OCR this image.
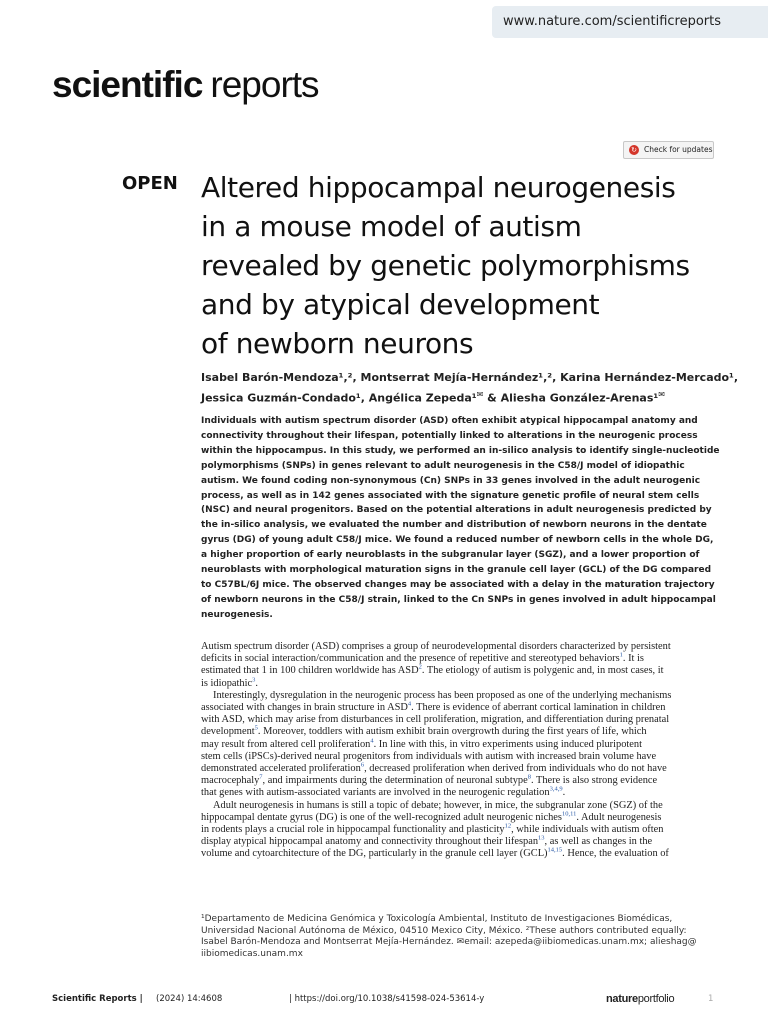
www.nature.com/scientificreports
scientific reports
↻ Check for updates
OPEN Altered hippocampal neurogenesis
in a mouse model of autism
revealed by genetic polymorphisms
and by atypical development
of newborn neurons
Isabel Barón-Mendoza¹,², Montserrat Mejía-Hernández¹,², Karina Hernández-Mercado¹,
Jessica Guzmán-Condado¹, Angélica Zepeda¹✉ & Aliesha González-Arenas¹✉
Individuals with autism spectrum disorder (ASD) often exhibit atypical hippocampal anatomy and
connectivity throughout their lifespan, potentially linked to alterations in the neurogenic process
within the hippocampus. In this study, we performed an in-silico analysis to identify single-nucleotide
polymorphisms (SNPs) in genes relevant to adult neurogenesis in the C58/J model of idiopathic
autism. We found coding non-synonymous (Cn) SNPs in 33 genes involved in the adult neurogenic
process, as well as in 142 genes associated with the signature genetic profile of neural stem cells
(NSC) and neural progenitors. Based on the potential alterations in adult neurogenesis predicted by
the in-silico analysis, we evaluated the number and distribution of newborn neurons in the dentate
gyrus (DG) of young adult C58/J mice. We found a reduced number of newborn cells in the whole DG,
a higher proportion of early neuroblasts in the subgranular layer (SGZ), and a lower proportion of
neuroblasts with morphological maturation signs in the granule cell layer (GCL) of the DG compared
to C57BL/6J mice. The observed changes may be associated with a delay in the maturation trajectory
of newborn neurons in the C58/J strain, linked to the Cn SNPs in genes involved in adult hippocampal
neurogenesis.
Autism spectrum disorder (ASD) comprises a group of neurodevelopmental disorders characterized by persistent
deficits in social interaction/communication and the presence of repetitive and stereotyped behaviors$^1$. It is
estimated that 1 in 100 children worldwide has ASD$^2$. The etiology of autism is polygenic and, in most cases, it
is idiopathic$^3$.
Interestingly, dysregulation in the neurogenic process has been proposed as one of the underlying mechanisms
associated with changes in brain structure in ASD$^4$. There is evidence of aberrant cortical lamination in children
with ASD, which may arise from disturbances in cell proliferation, migration, and differentiation during prenatal
development$^5$. Moreover, toddlers with autism exhibit brain overgrowth during the first years of life, which
may result from altered cell proliferation$^4$. In line with this, in vitro experiments using induced pluripotent
stem cells (iPSCs)-derived neural progenitors from individuals with autism with increased brain volume have
demonstrated accelerated proliferation$^6$, decreased proliferation when derived from individuals who do not have
macrocephaly$^7$, and impairments during the determination of neuronal subtype$^8$. There is also strong evidence
that genes with autism-associated variants are involved in the neurogenic regulation$^{3,4,9}$.
Adult neurogenesis in humans is still a topic of debate; however, in mice, the subgranular zone (SGZ) of the
hippocampal dentate gyrus (DG) is one of the well-recognized adult neurogenic niches$^{10,11}$. Adult neurogenesis
in rodents plays a crucial role in hippocampal functionality and plasticity$^{12}$, while individuals with autism often
display atypical hippocampal anatomy and connectivity throughout their lifespan$^{13}$, as well as changes in the
volume and cytoarchitecture of the DG, particularly in the granule cell layer (GCL)$^{14,15}$. Hence, the evaluation of
¹Departamento de Medicina Genómica y Toxicología Ambiental, Instituto de Investigaciones Biomédicas,
Universidad Nacional Autónoma de México, 04510 Mexico City, México. ²These authors contributed equally:
Isabel Barón-Mendoza and Montserrat Mejía-Hernández. ✉email: azepeda@iibiomedicas.unam.mx; alieshag@
iibiomedicas.unam.mx
Scientific Reports | (2024) 14:4608	| https://doi.org/10.1038/s41598-024-53614-y	natureportfolio	1
